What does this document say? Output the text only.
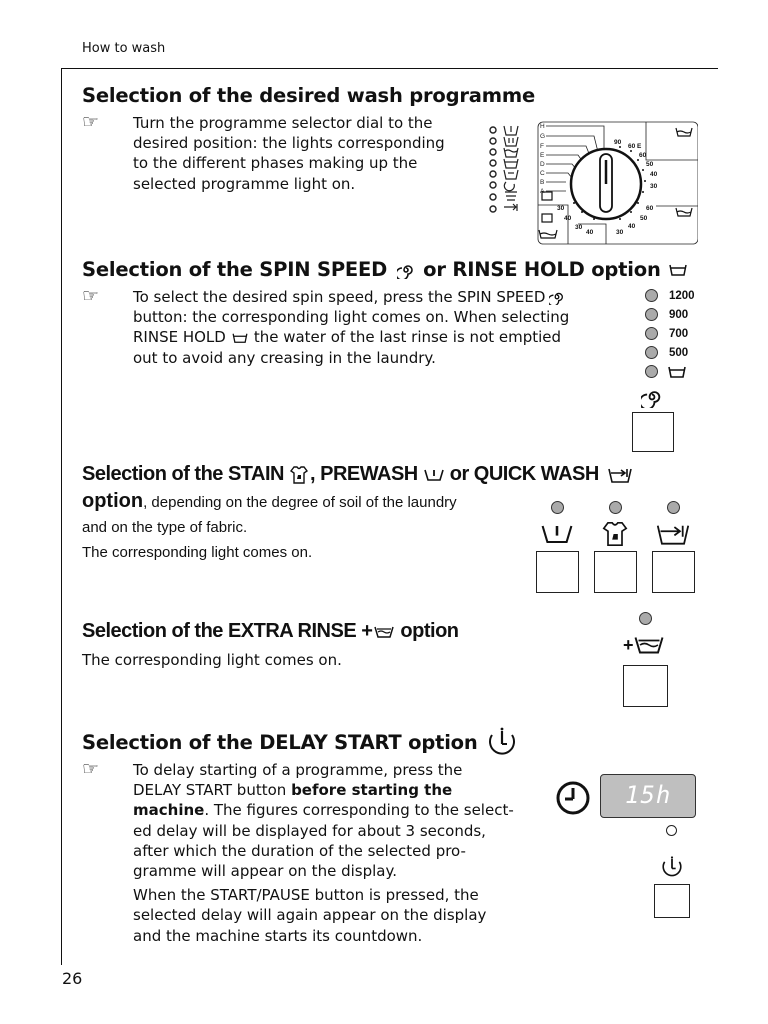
How to wash
Selection of the desired wash programme
☞ Turn the programme selector dial to the
desired position: the lights corresponding
to the different phases making up the
selected programme light on.
H
G
F
E
D
C
B
A
90
60 E
60
50
40
30
60
50
40
30
40
30
30
40
Selection of the SPIN SPEED or RINSE HOLD option
☞ To select the desired spin speed, press the SPIN SPEED
button: the corresponding light comes on. When selecting
RINSE HOLD the water of the last rinse is not emptied
out to avoid any creasing in the laundry.
1200
900
700
500
Selection of the STAIN , PREWASH or QUICK WASH
option, depending on the degree of soil of the laundry
and on the type of fabric.
The corresponding light comes on.
Selection of the EXTRA RINSE + option
The corresponding light comes on.
+
Selection of the DELAY START option
☞ To delay starting of a programme, press the
DELAY START button before starting the
machine. The figures corresponding to the select-
ed delay will be displayed for about 3 seconds,
after which the duration of the selected pro-
gramme will appear on the display.
When the START/PAUSE button is pressed, the
selected delay will again appear on the display
and the machine starts its countdown.
15h
26
